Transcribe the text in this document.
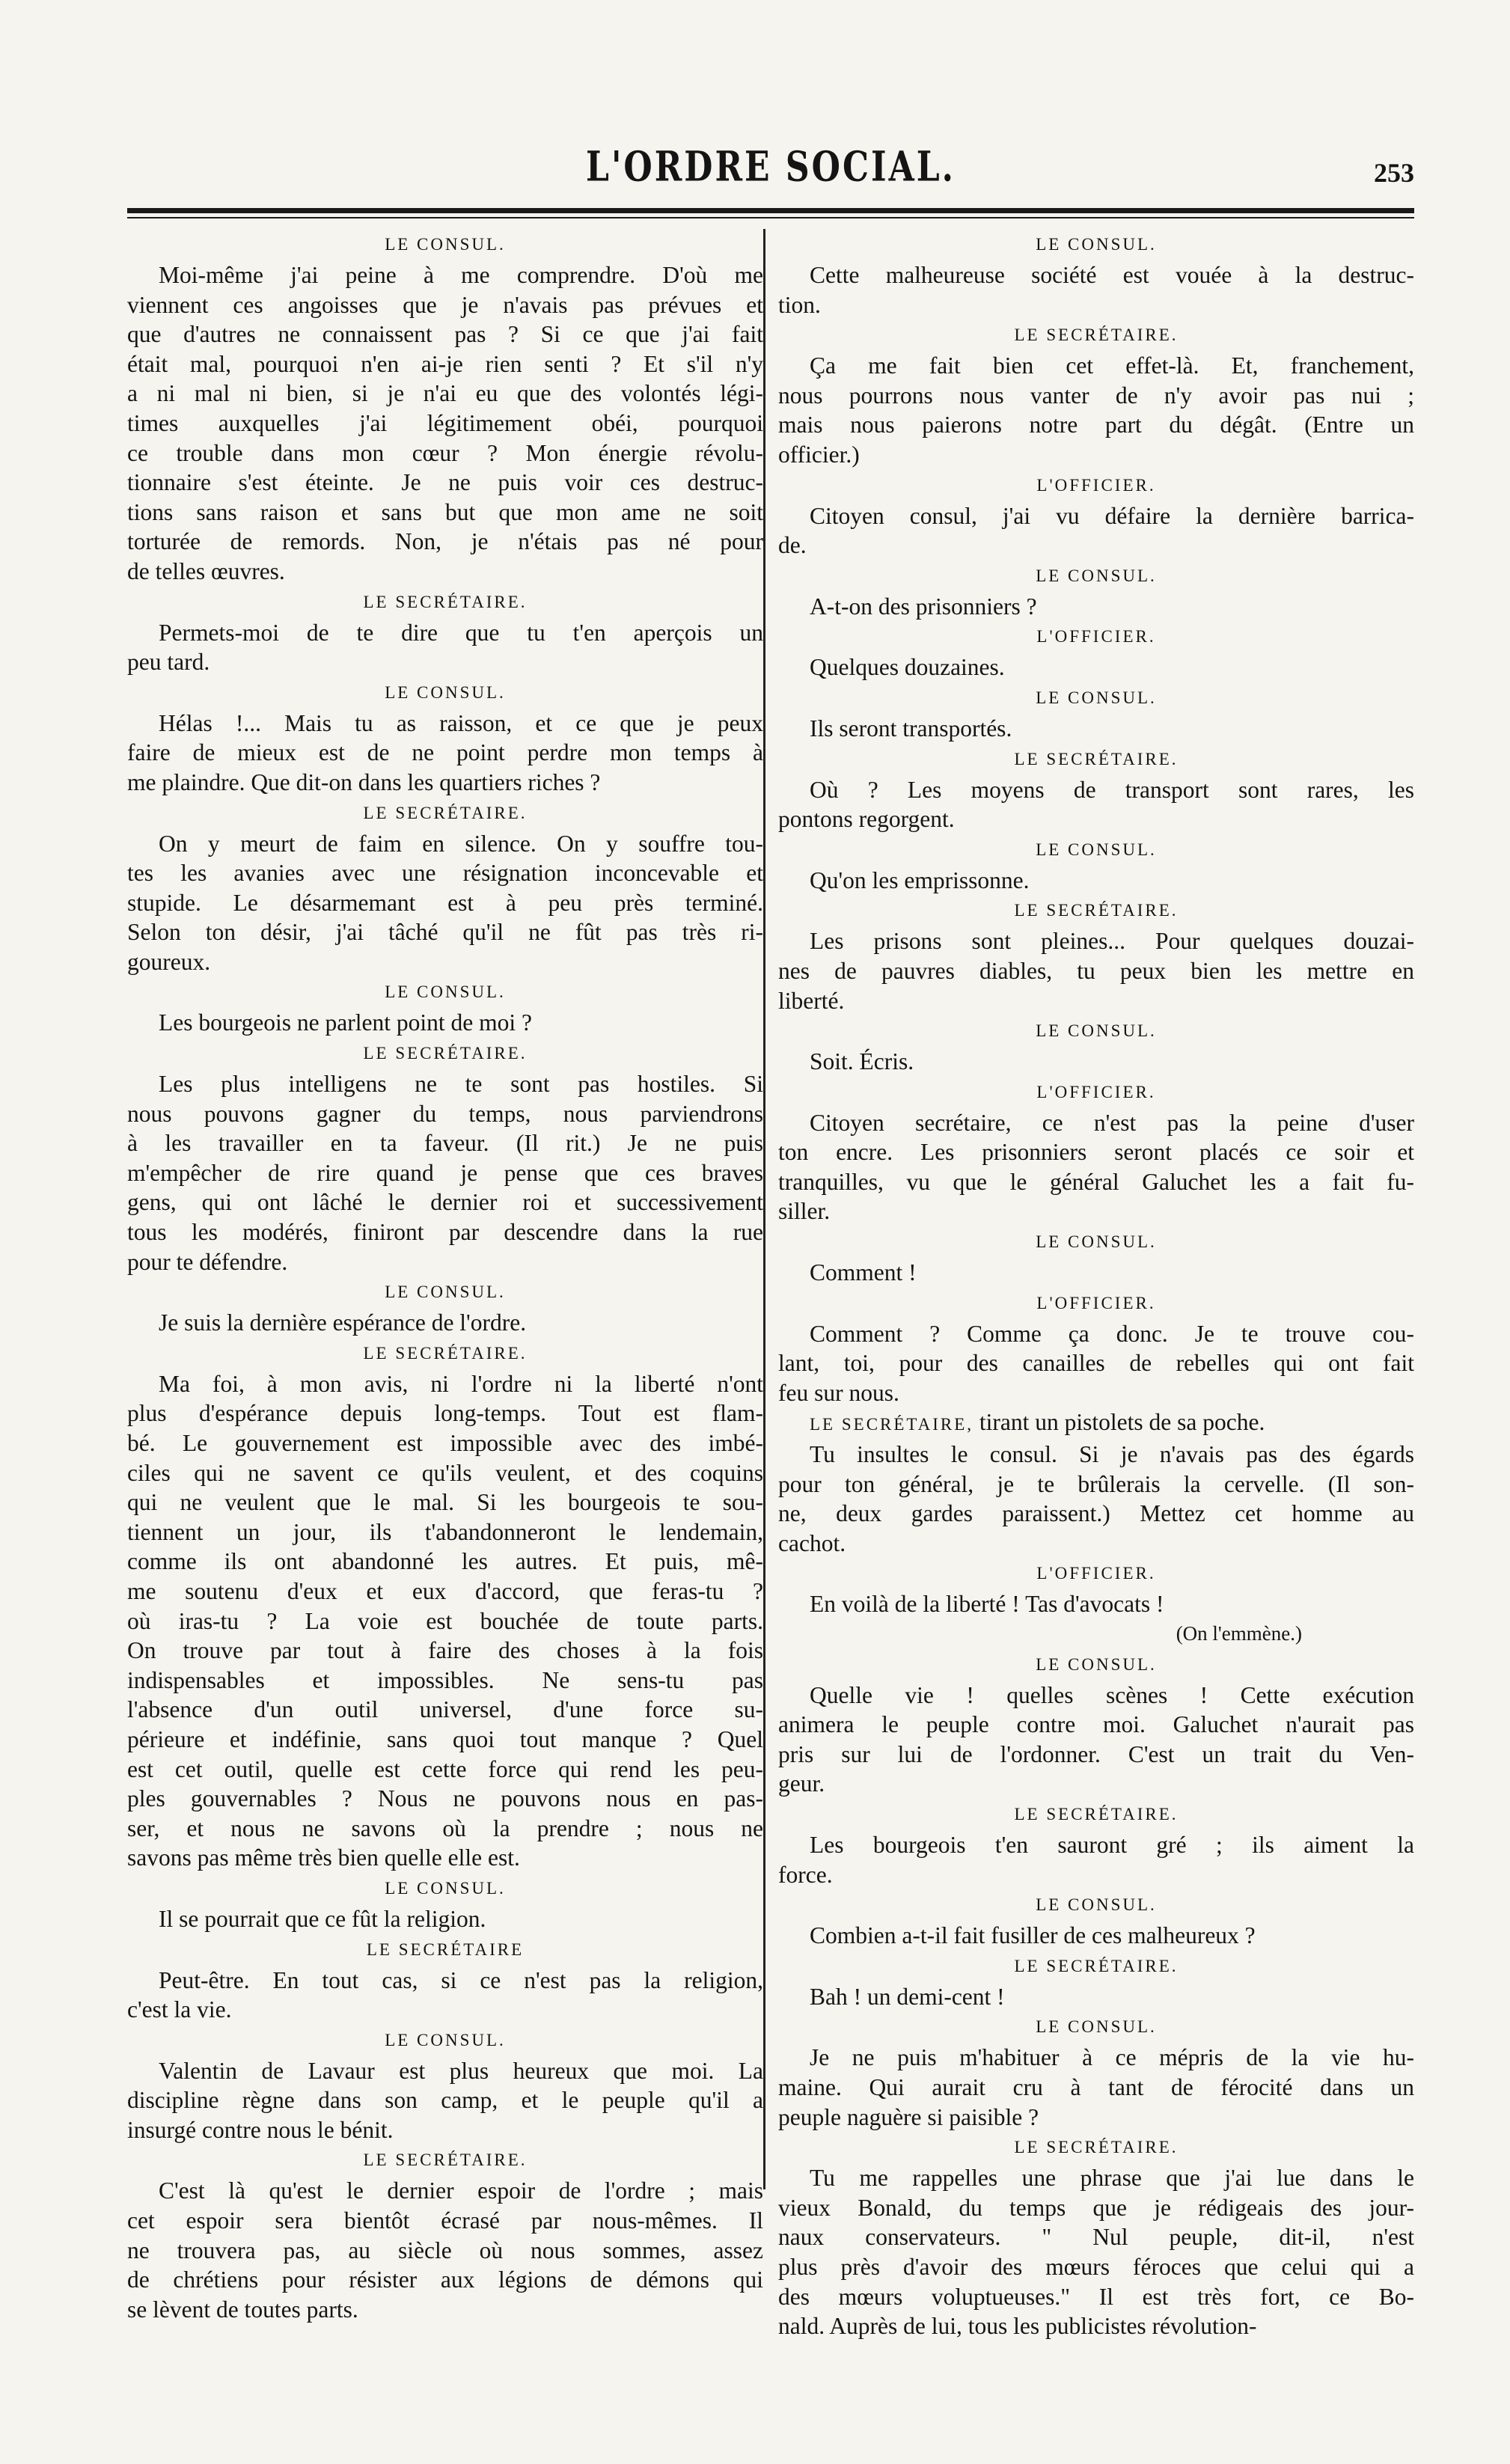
L'ORDRE SOCIAL.	253
LE CONSUL.
Moi-même j'ai peine à me comprendre. D'où me
viennent ces angoisses que je n'avais pas prévues et
que d'autres ne connaissent pas ? Si ce que j'ai fait
était mal, pourquoi n'en ai-je rien senti ? Et s'il n'y
a ni mal ni bien, si je n'ai eu que des volontés légi-
times auxquelles j'ai légitimement obéi, pourquoi
ce trouble dans mon cœur ? Mon énergie révolu-
tionnaire s'est éteinte. Je ne puis voir ces destruc-
tions sans raison et sans but que mon ame ne soit
torturée de remords. Non, je n'étais pas né pour
de telles œuvres.
LE SECRÉTAIRE.
Permets-moi de te dire que tu t'en aperçois un
peu tard.
LE CONSUL.
Hélas !... Mais tu as raisson, et ce que je peux
faire de mieux est de ne point perdre mon temps à
me plaindre. Que dit-on dans les quartiers riches ?
LE SECRÉTAIRE.
On y meurt de faim en silence. On y souffre tou-
tes les avanies avec une résignation inconcevable et
stupide. Le désarmemant est à peu près terminé.
Selon ton désir, j'ai tâché qu'il ne fût pas très ri-
goureux.
LE CONSUL.
Les bourgeois ne parlent point de moi ?
LE SECRÉTAIRE.
Les plus intelligens ne te sont pas hostiles. Si
nous pouvons gagner du temps, nous parviendrons
à les travailler en ta faveur. (Il rit.) Je ne puis
m'empêcher de rire quand je pense que ces braves
gens, qui ont lâché le dernier roi et successivement
tous les modérés, finiront par descendre dans la rue
pour te défendre.
LE CONSUL.
Je suis la dernière espérance de l'ordre.
LE SECRÉTAIRE.
Ma foi, à mon avis, ni l'ordre ni la liberté n'ont
plus d'espérance depuis long-temps. Tout est flam-
bé. Le gouvernement est impossible avec des imbé-
ciles qui ne savent ce qu'ils veulent, et des coquins
qui ne veulent que le mal. Si les bourgeois te sou-
tiennent un jour, ils t'abandonneront le lendemain,
comme ils ont abandonné les autres. Et puis, mê-
me soutenu d'eux et eux d'accord, que feras-tu ?
où iras-tu ? La voie est bouchée de toute parts.
On trouve par tout à faire des choses à la fois
indispensables et impossibles. Ne sens-tu pas
l'absence d'un outil universel, d'une force su-
périeure et indéfinie, sans quoi tout manque ? Quel
est cet outil, quelle est cette force qui rend les peu-
ples gouvernables ? Nous ne pouvons nous en pas-
ser, et nous ne savons où la prendre ; nous ne
savons pas même très bien quelle elle est.
LE CONSUL.
Il se pourrait que ce fût la religion.
LE SECRÉTAIRE
Peut-être. En tout cas, si ce n'est pas la religion,
c'est la vie.
LE CONSUL.
Valentin de Lavaur est plus heureux que moi. La
discipline règne dans son camp, et le peuple qu'il a
insurgé contre nous le bénit.
LE SECRÉTAIRE.
C'est là qu'est le dernier espoir de l'ordre ; mais
cet espoir sera bientôt écrasé par nous-mêmes. Il
ne trouvera pas, au siècle où nous sommes, assez
de chrétiens pour résister aux légions de démons qui
se lèvent de toutes parts.
LE CONSUL.
Cette malheureuse société est vouée à la destruc-
tion.
LE SECRÉTAIRE.
Ça me fait bien cet effet-là. Et, franchement,
nous pourrons nous vanter de n'y avoir pas nui ;
mais nous paierons notre part du dégât. (Entre un
officier.)
L'OFFICIER.
Citoyen consul, j'ai vu défaire la dernière barrica-
de.
LE CONSUL.
A-t-on des prisonniers ?
L'OFFICIER.
Quelques douzaines.
LE CONSUL.
Ils seront transportés.
LE SECRÉTAIRE.
Où ? Les moyens de transport sont rares, les
pontons regorgent.
LE CONSUL.
Qu'on les emprissonne.
LE SECRÉTAIRE.
Les prisons sont pleines... Pour quelques douzai-
nes de pauvres diables, tu peux bien les mettre en
liberté.
LE CONSUL.
Soit. Écris.
L'OFFICIER.
Citoyen secrétaire, ce n'est pas la peine d'user
ton encre. Les prisonniers seront placés ce soir et
tranquilles, vu que le général Galuchet les a fait fu-
siller.
LE CONSUL.
Comment !
L'OFFICIER.
Comment ? Comme ça donc. Je te trouve cou-
lant, toi, pour des canailles de rebelles qui ont fait
feu sur nous.
LE SECRÉTAIRE, tirant un pistolets de sa poche.
Tu insultes le consul. Si je n'avais pas des égards
pour ton général, je te brûlerais la cervelle. (Il son-
ne, deux gardes paraissent.) Mettez cet homme au
cachot.
L'OFFICIER.
En voilà de la liberté ! Tas d'avocats !
(On l'emmène.)
LE CONSUL.
Quelle vie ! quelles scènes ! Cette exécution
animera le peuple contre moi. Galuchet n'aurait pas
pris sur lui de l'ordonner. C'est un trait du Ven-
geur.
LE SECRÉTAIRE.
Les bourgeois t'en sauront gré ; ils aiment la
force.
LE CONSUL.
Combien a-t-il fait fusiller de ces malheureux ?
LE SECRÉTAIRE.
Bah ! un demi-cent !
LE CONSUL.
Je ne puis m'habituer à ce mépris de la vie hu-
maine. Qui aurait cru à tant de férocité dans un
peuple naguère si paisible ?
LE SECRÉTAIRE.
Tu me rappelles une phrase que j'ai lue dans le
vieux Bonald, du temps que je rédigeais des jour-
naux conservateurs. " Nul peuple, dit-il, n'est
plus près d'avoir des mœurs féroces que celui qui a
des mœurs voluptueuses." Il est très fort, ce Bo-
nald. Auprès de lui, tous les publicistes révolution-
